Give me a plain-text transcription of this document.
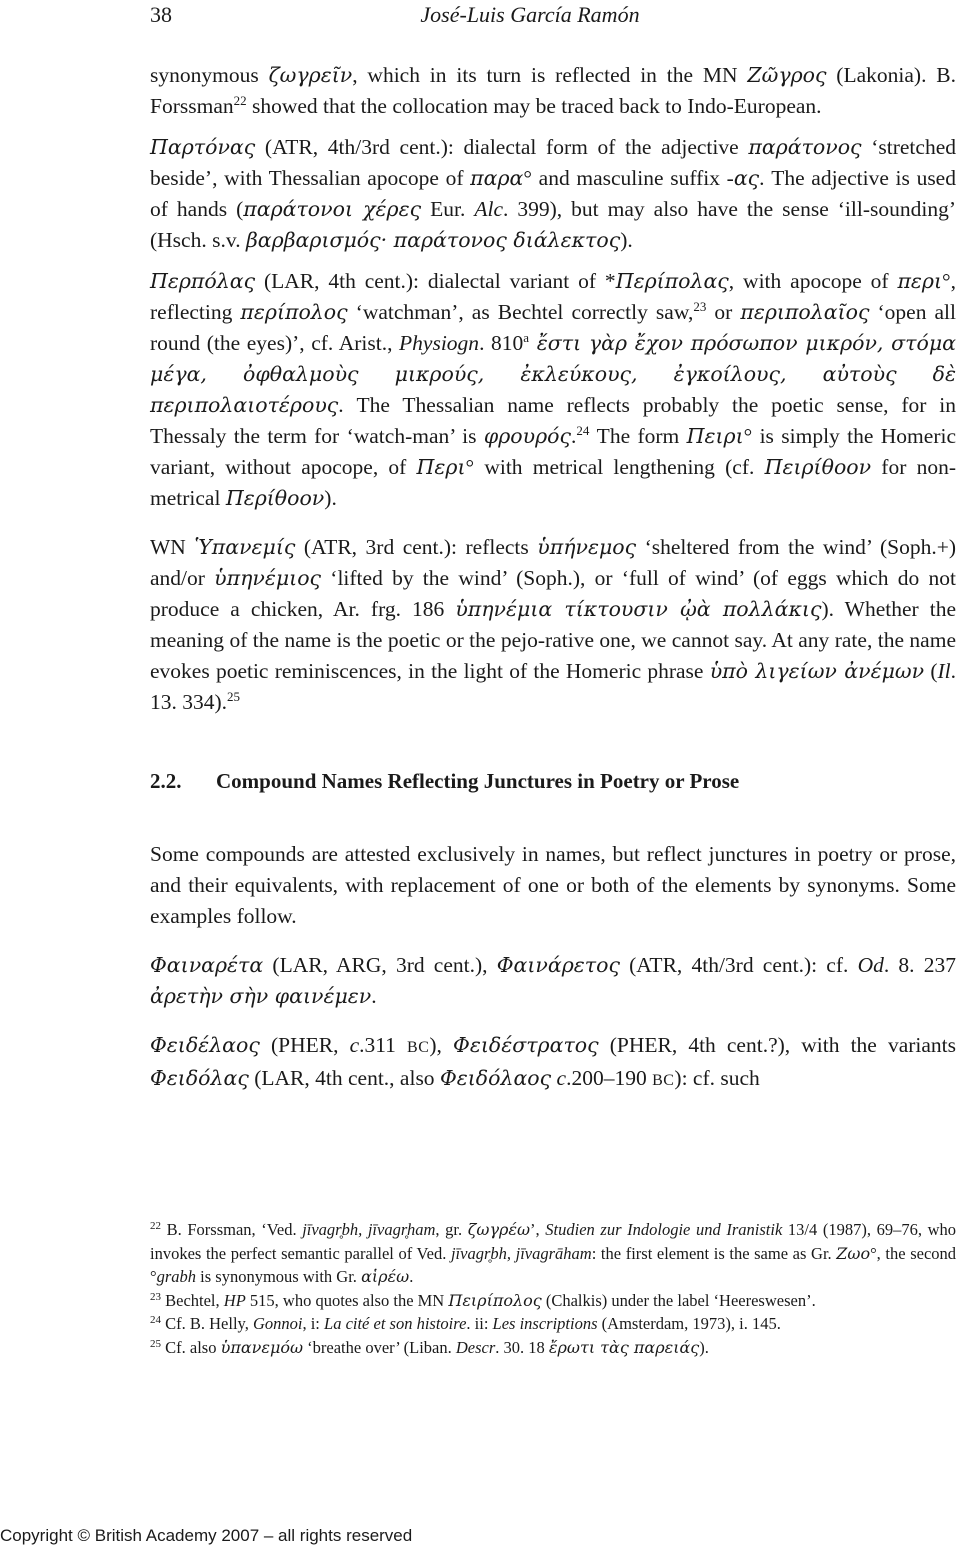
38	José-Luis García Ramón

synonymous ζωγρεῖν, which in its turn is reflected in the MN Ζῶγρος (Lakonia). B. Forssman$^{22}$ showed that the collocation may be traced back to Indo-European.

Παρτόνας (ATR, 4th/3rd cent.): dialectal form of the adjective παράτονος ‘stretched beside’, with Thessalian apocope of παρα° and masculine suffix -ας. The adjective is used of hands (παράτονοι χέρες Eur. Alc. 399), but may also have the sense ‘ill-sounding’ (Hsch. s.v. βαρβαρισμός· παράτονος διάλεκτος).

Περπόλας (LAR, 4th cent.): dialectal variant of *Περίπολας, with apocope of περι°, reflecting περίπολος ‘watchman’, as Bechtel correctly saw,$^{23}$ or περιπολαῖος ‘open all round (the eyes)’, cf. Arist., Physiogn. 810$^a$ ἔστι γὰρ ἔχον πρόσωπον μικρόν, στόμα μέγα, ὀφθαλμοὺς μικρούς, ἐκλεύκους, ἐγκοίλους, αὐτοὺς δὲ περιπολαιοτέρους. The Thessalian name reflects probably the poetic sense, for in Thessaly the term for ‘watch-man’ is φρουρός.$^{24}$ The form Πειρι° is simply the Homeric variant, without apocope, of Περι° with metrical lengthening (cf. Πειρίθοον for non-metrical Περίθοον).

WN Ὑπανεμίς (ATR, 3rd cent.): reflects ὑπήνεμος ‘sheltered from the wind’ (Soph.+) and/or ὑπηνέμιος ‘lifted by the wind’ (Soph.), or ‘full of wind’ (of eggs which do not produce a chicken, Ar. frg. 186 ὑπηνέμια τίκτουσιν ᾠὰ πολλάκις). Whether the meaning of the name is the poetic or the pejo-rative one, we cannot say. At any rate, the name evokes poetic reminiscences, in the light of the Homeric phrase ὑπὸ λιγείων ἀνέμων (Il. 13. 334).$^{25}$

2.2. Compound Names Reflecting Junctures in Poetry or Prose

Some compounds are attested exclusively in names, but reflect junctures in poetry or prose, and their equivalents, with replacement of one or both of the elements by synonyms. Some examples follow.

Φαιναρέτα (LAR, ARG, 3rd cent.), Φαινάρετος (ATR, 4th/3rd cent.): cf. Od. 8. 237 ἀρετὴν σὴν φαινέμεν.

Φειδέλαος (PHER, c.311 BC), Φειδέστρατος (PHER, 4th cent.?), with the variants Φειδόλας (LAR, 4th cent., also Φειδόλαος c.200–190 BC): cf. such

$^{22}$ B. Forssman, ‘Ved. jīvagr̥bh, jīvagr̥ham, gr. ζωγρέω’, Studien zur Indologie und Iranistik 13/4 (1987), 69–76, who invokes the perfect semantic parallel of Ved. jīvagr̥bh, jīvagrāham: the first element is the same as Gr. Ζωο°, the second °grabh is synonymous with Gr. αἱρέω.

$^{23}$ Bechtel, HP 515, who quotes also the MN Πειρίπολος (Chalkis) under the label ‘Heereswesen’.

$^{24}$ Cf. B. Helly, Gonnoi, i: La cité et son histoire. ii: Les inscriptions (Amsterdam, 1973), i. 145.

$^{25}$ Cf. also ὑπανεμόω ‘breathe over’ (Liban. Descr. 30. 18 ἔρωτι τὰς παρειάς).

Copyright © British Academy 2007 – all rights reserved
